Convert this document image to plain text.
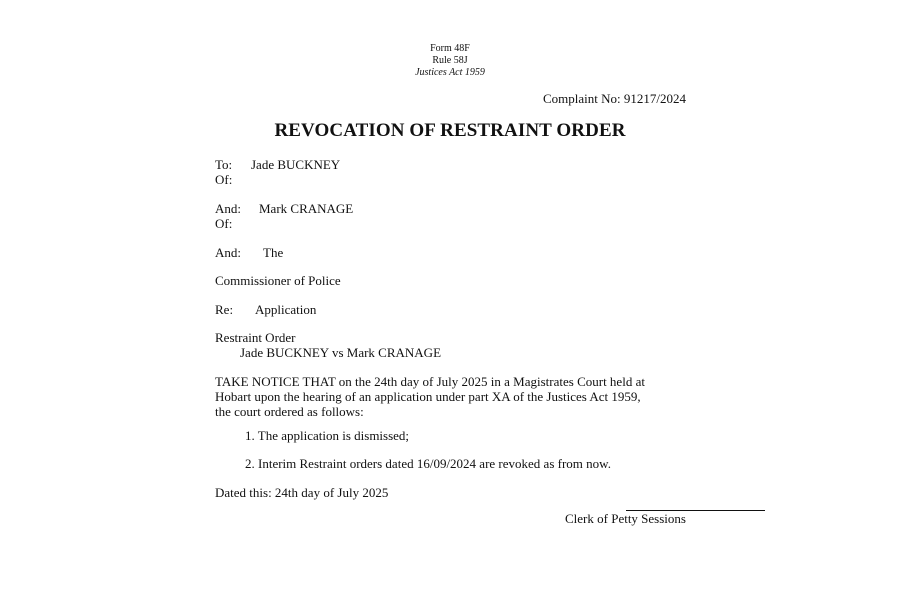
Form 48F
Rule 58J
Justices Act 1959
Complaint No: 91217/2024
REVOCATION OF RESTRAINT ORDER
To: Jade BUCKNEY
Of:
And: Mark CRANAGE
Of:
And: The
Commissioner of Police
Re: Application
Restraint Order
Jade BUCKNEY vs Mark CRANAGE
TAKE NOTICE THAT on the 24th day of July 2025 in a Magistrates Court held at
Hobart upon the hearing of an application under part XA of the Justices Act 1959,
the court ordered as follows:
1. The application is dismissed;
2. Interim Restraint orders dated 16/09/2024 are revoked as from now.
Dated this: 24th day of July 2025
Clerk of Petty Sessions
